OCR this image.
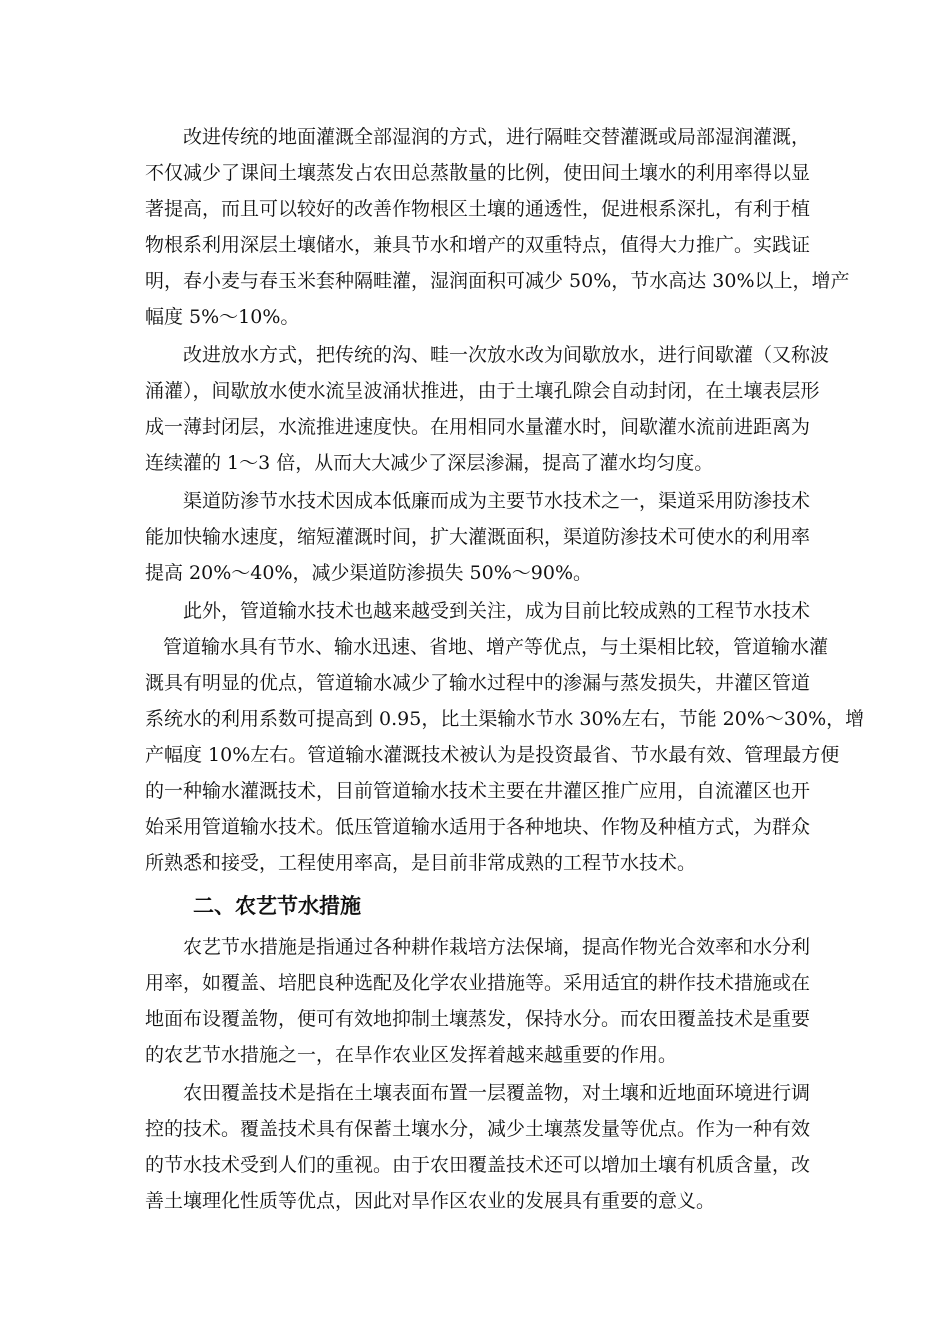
改进传统的地面灌溉全部湿润的方式，进行隔畦交替灌溉或局部湿润灌溉，
不仅减少了课间土壤蒸发占农田总蒸散量的比例，使田间土壤水的利用率得以显
著提高，而且可以较好的改善作物根区土壤的通透性，促进根系深扎，有利于植
物根系利用深层土壤储水，兼具节水和增产的双重特点，值得大力推广。实践证
明，春小麦与春玉米套种隔畦灌，湿润面积可减少 50%，节水高达 30%以上，增产
幅度 5%～10%。
改进放水方式，把传统的沟、畦一次放水改为间歇放水，进行间歇灌（又称波
涌灌），间歇放水使水流呈波涌状推进，由于土壤孔隙会自动封闭，在土壤表层形
成一薄封闭层，水流推进速度快。在用相同水量灌水时，间歇灌水流前进距离为
连续灌的 1～3 倍，从而大大减少了深层渗漏，提高了灌水均匀度。
渠道防渗节水技术因成本低廉而成为主要节水技术之一，渠道采用防渗技术
能加快输水速度，缩短灌溉时间，扩大灌溉面积，渠道防渗技术可使水的利用率
提高 20%～40%，减少渠道防渗损失 50%～90%。
此外，管道输水技术也越来越受到关注，成为目前比较成熟的工程节水技术
管道输水具有节水、输水迅速、省地、增产等优点，与土渠相比较，管道输水灌
溉具有明显的优点，管道输水减少了输水过程中的渗漏与蒸发损失，井灌区管道
系统水的利用系数可提高到 0.95，比土渠输水节水 30%左右，节能 20%～30%，增
产幅度 10%左右。管道输水灌溉技术被认为是投资最省、节水最有效、管理最方便
的一种输水灌溉技术，目前管道输水技术主要在井灌区推广应用，自流灌区也开
始采用管道输水技术。低压管道输水适用于各种地块、作物及种植方式，为群众
所熟悉和接受，工程使用率高，是目前非常成熟的工程节水技术。
二、农艺节水措施
农艺节水措施是指通过各种耕作栽培方法保墒，提高作物光合效率和水分利
用率，如覆盖、培肥良种选配及化学农业措施等。采用适宜的耕作技术措施或在
地面布设覆盖物，便可有效地抑制土壤蒸发，保持水分。而农田覆盖技术是重要
的农艺节水措施之一，在旱作农业区发挥着越来越重要的作用。
农田覆盖技术是指在土壤表面布置一层覆盖物，对土壤和近地面环境进行调
控的技术。覆盖技术具有保蓄土壤水分，减少土壤蒸发量等优点。作为一种有效
的节水技术受到人们的重视。由于农田覆盖技术还可以增加土壤有机质含量，改
善土壤理化性质等优点，因此对旱作区农业的发展具有重要的意义。
